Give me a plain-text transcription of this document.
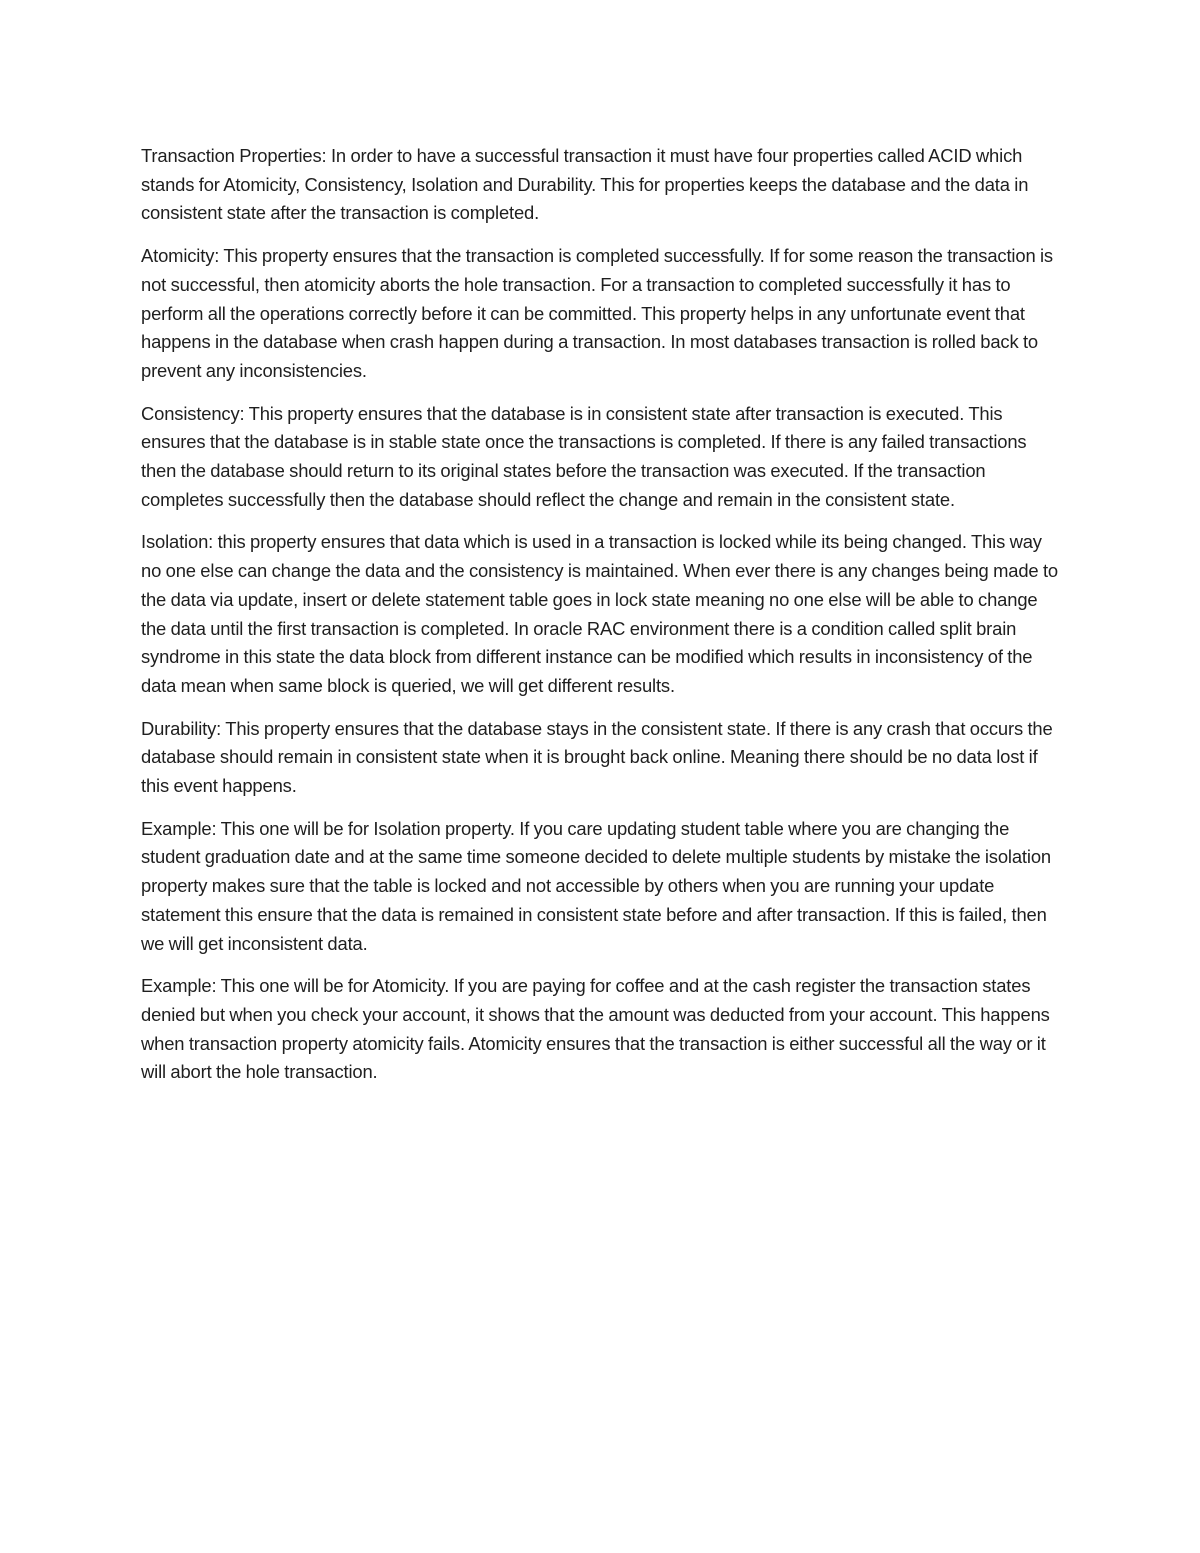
Transaction Properties: In order to have a successful transaction it must have four properties called ACID which stands for Atomicity, Consistency, Isolation and Durability. This for properties keeps the database and the data in consistent state after the transaction is completed.

Atomicity: This property ensures that the transaction is completed successfully. If for some reason the transaction is not successful, then atomicity aborts the hole transaction. For a transaction to completed successfully it has to perform all the operations correctly before it can be committed. This property helps in any unfortunate event that happens in the database when crash happen during a transaction. In most databases transaction is rolled back to prevent any inconsistencies.

Consistency: This property ensures that the database is in consistent state after transaction is executed. This ensures that the database is in stable state once the transactions is completed. If there is any failed transactions then the database should return to its original states before the transaction was executed. If the transaction completes successfully then the database should reflect the change and remain in the consistent state.

Isolation: this property ensures that data which is used in a transaction is locked while its being changed. This way no one else can change the data and the consistency is maintained. When ever there is any changes being made to the data via update, insert or delete statement table goes in lock state meaning no one else will be able to change the data until the first transaction is completed. In oracle RAC environment there is a condition called split brain syndrome in this state the data block from different instance can be modified which results in inconsistency of the data mean when same block is queried, we will get different results.

Durability: This property ensures that the database stays in the consistent state. If there is any crash that occurs the database should remain in consistent state when it is brought back online. Meaning there should be no data lost if this event happens.

Example: This one will be for Isolation property. If you care updating student table where you are changing the student graduation date and at the same time someone decided to delete multiple students by mistake the isolation property makes sure that the table is locked and not accessible by others when you are running your update statement this ensure that the data is remained in consistent state before and after transaction. If this is failed, then we will get inconsistent data.

Example: This one will be for Atomicity. If you are paying for coffee and at the cash register the transaction states denied but when you check your account, it shows that the amount was deducted from your account. This happens when transaction property atomicity fails. Atomicity ensures that the transaction is either successful all the way or it will abort the hole transaction.
